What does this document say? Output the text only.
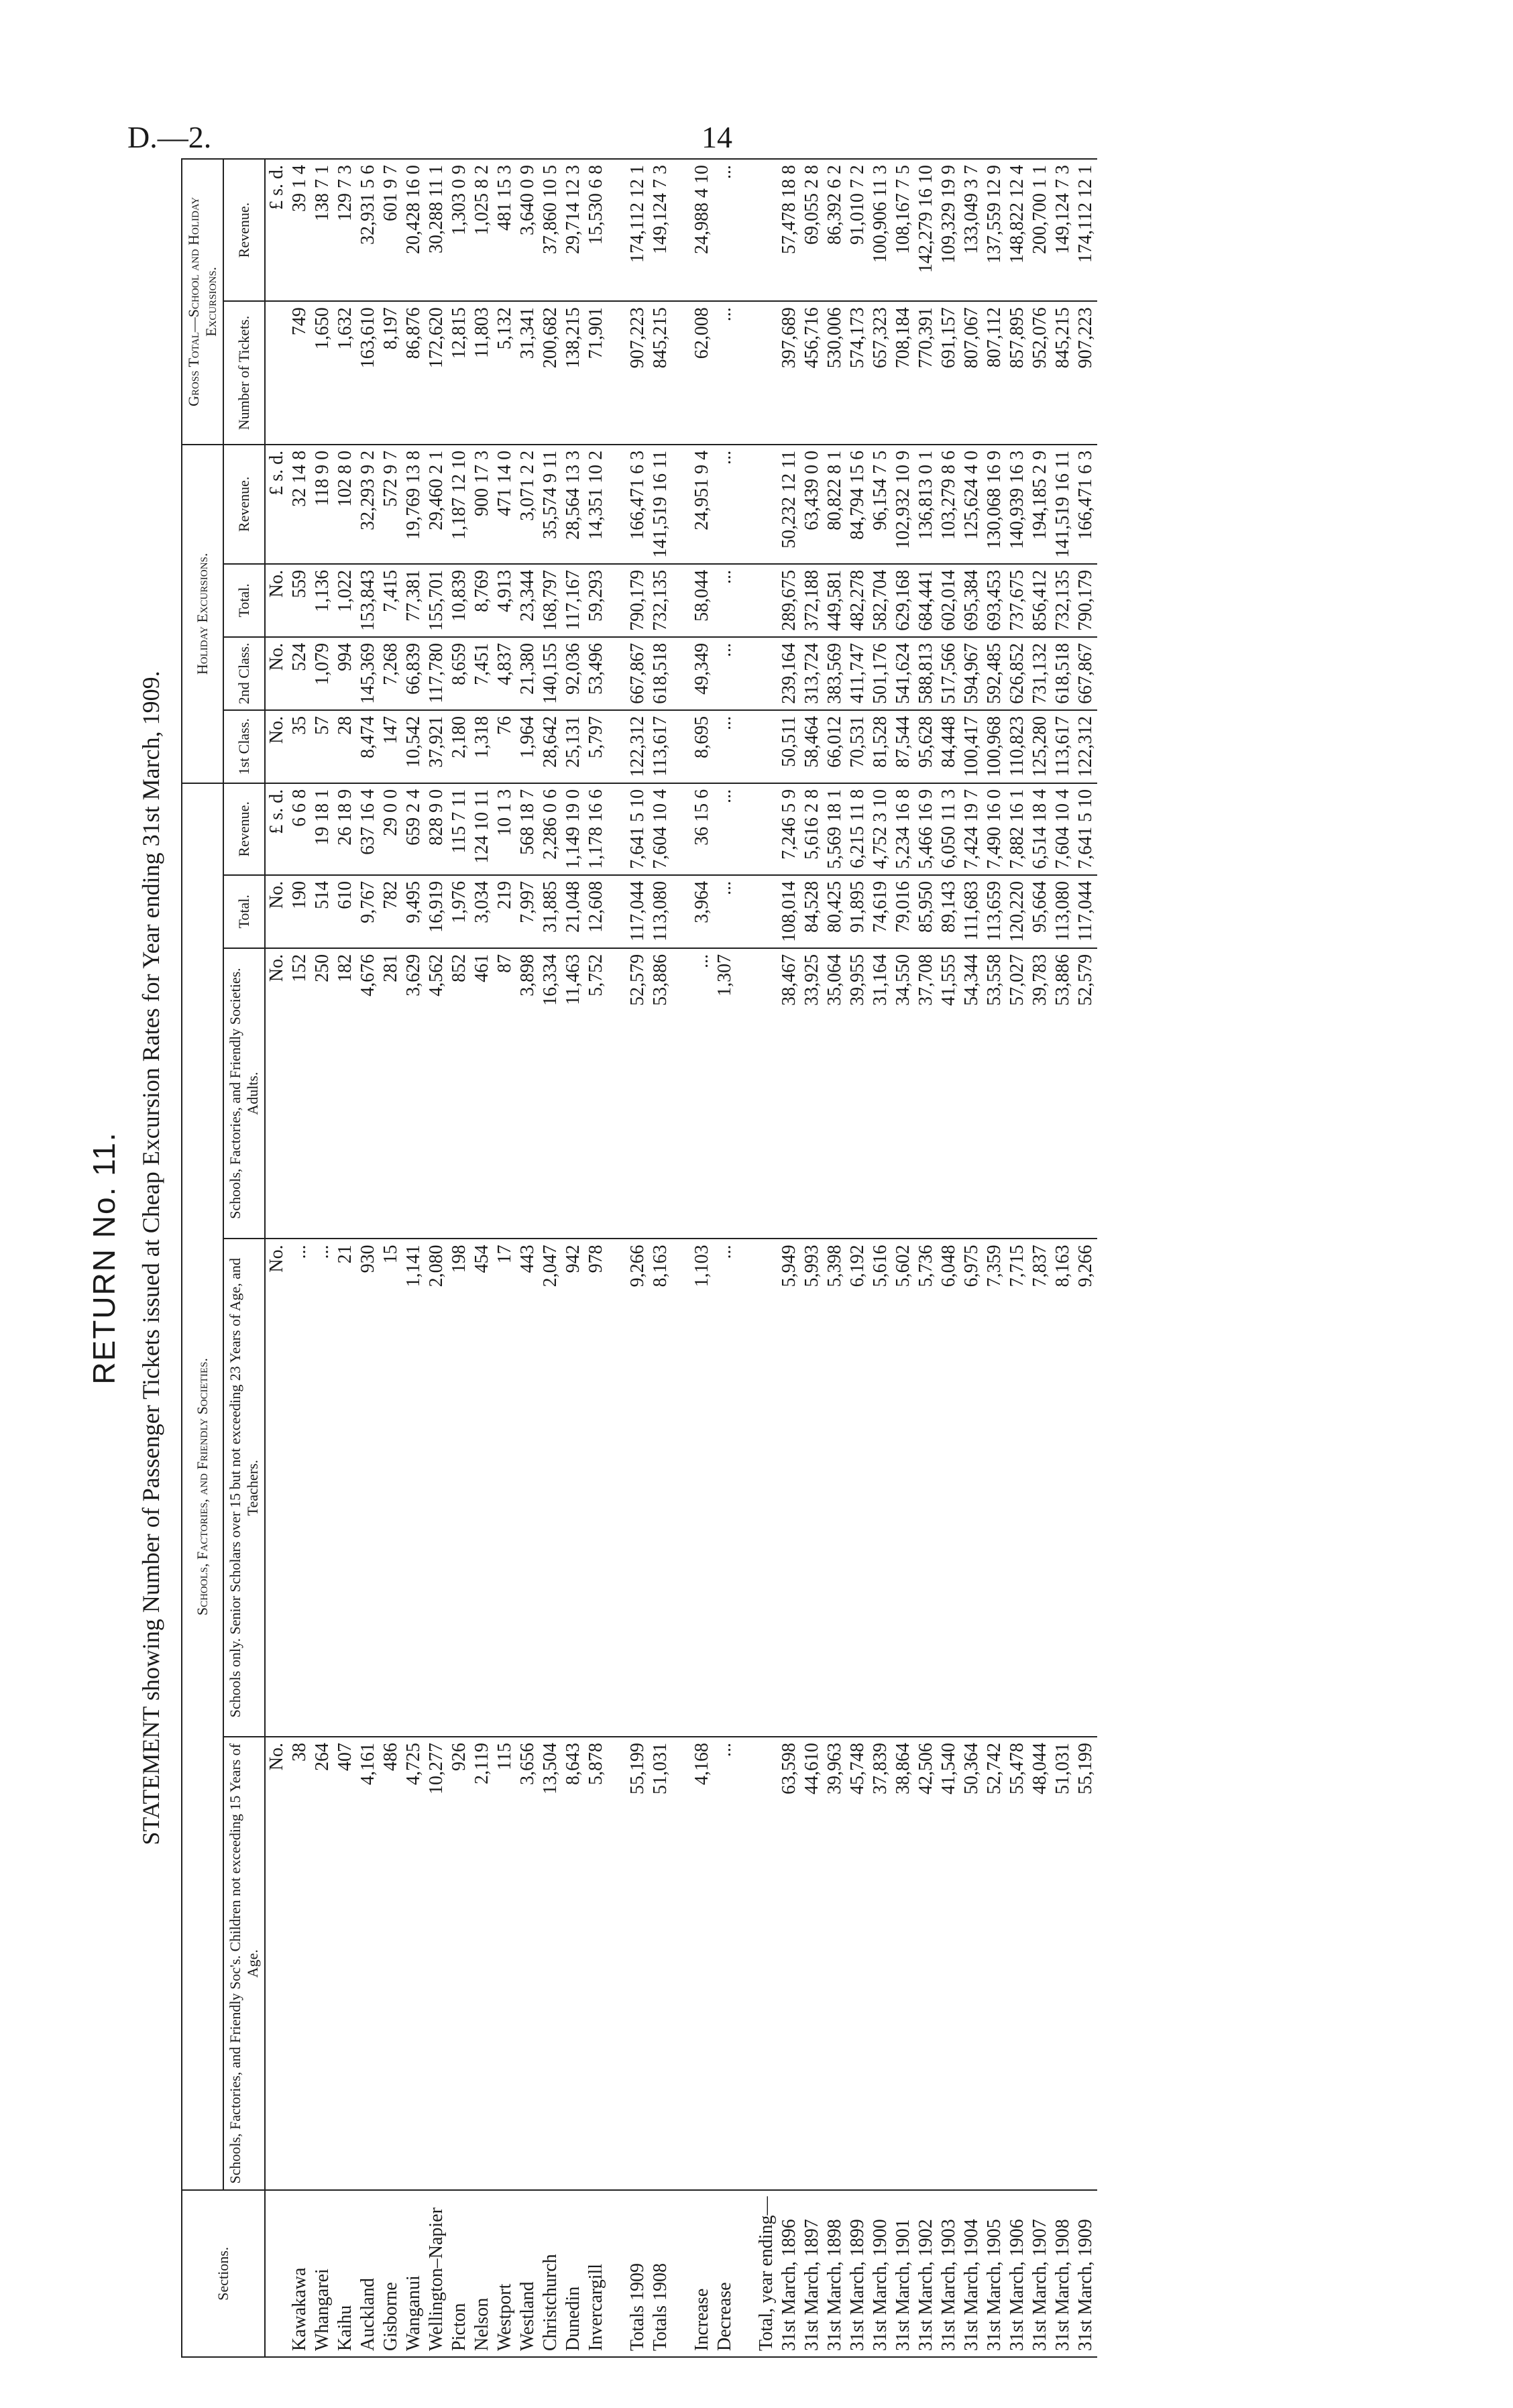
D.—2.	14
RETURN No. 11. STATEMENT showing Number of Passenger Tickets issued at Cheap Excursion Rates for Year ending 31st March, 1909.
Sections.	Schools, Factories, and Friendly Societies.					Holiday Excursions.				Gross Total—School and Holiday Excursions.	
	Schools, Factories, and Friendly Soc's. Children not exceeding 15 Years of Age.	Schools only. Senior Scholars over 15 but not exceeding 23 Years of Age, and Teachers.	Schools, Factories, and Friendly Societies. Adults.	Total.	Revenue.	1st Class.	2nd Class.	Total.	Revenue.	Number of Tickets.	Revenue.
	No.	No.	No.	No.	£ s. d.	No.	No.	No.	£ s. d.		£ s. d.
Kawakawa	38	...	152	190	6 6 8	35	524	559	32 14 8	749	39 1 4
Whangarei	264	...	250	514	19 18 1	57	1,079	1,136	118 9 0	1,650	138 7 1
Kaihu	407	21	182	610	26 18 9	28	994	1,022	102 8 0	1,632	129 7 3
Auckland	4,161	930	4,676	9,767	637 16 4	8,474	145,369	153,843	32,293 9 2	163,610	32,931 5 6
Gisborne	486	15	281	782	29 0 0	147	7,268	7,415	572 9 7	8,197	601 9 7
Wanganui	4,725	1,141	3,629	9,495	659 2 4	10,542	66,839	77,381	19,769 13 8	86,876	20,428 16 0
Wellington–Napier	10,277	2,080	4,562	16,919	828 9 0	37,921	117,780	155,701	29,460 2 1	172,620	30,288 11 1
Picton	926	198	852	1,976	115 7 11	2,180	8,659	10,839	1,187 12 10	12,815	1,303 0 9
Nelson	2,119	454	461	3,034	124 10 11	1,318	7,451	8,769	900 17 3	11,803	1,025 8 2
Westport	115	17	87	219	10 1 3	76	4,837	4,913	471 14 0	5,132	481 15 3
Westland	3,656	443	3,898	7,997	568 18 7	1,964	21,380	23,344	3,071 2 2	31,341	3,640 0 9
Christchurch	13,504	2,047	16,334	31,885	2,286 0 6	28,642	140,155	168,797	35,574 9 11	200,682	37,860 10 5
Dunedin	8,643	942	11,463	21,048	1,149 19 0	25,131	92,036	117,167	28,564 13 3	138,215	29,714 12 3
Invercargill	5,878	978	5,752	12,608	1,178 16 6	5,797	53,496	59,293	14,351 10 2	71,901	15,530 6 8

Totals 1909	55,199	9,266	52,579	117,044	7,641 5 10	122,312	667,867	790,179	166,471 6 3	907,223	174,112 12 1
Totals 1908	51,031	8,163	53,886	113,080	7,604 10 4	113,617	618,518	732,135	141,519 16 11	845,215	149,124 7 3

Increase	4,168	1,103	...	3,964	36 15 6	8,695	49,349	58,044	24,951 9 4	62,008	24,988 4 10
Decrease	...	...	1,307	...	...	...	...	...	...	...	...

Total, year ending—											
31st March, 1896	63,598	5,949	38,467	108,014	7,246 5 9	50,511	239,164	289,675	50,232 12 11	397,689	57,478 18 8
31st March, 1897	44,610	5,993	33,925	84,528	5,616 2 8	58,464	313,724	372,188	63,439 0 0	456,716	69,055 2 8
31st March, 1898	39,963	5,398	35,064	80,425	5,569 18 1	66,012	383,569	449,581	80,822 8 1	530,006	86,392 6 2
31st March, 1899	45,748	6,192	39,955	91,895	6,215 11 8	70,531	411,747	482,278	84,794 15 6	574,173	91,010 7 2
31st March, 1900	37,839	5,616	31,164	74,619	4,752 3 10	81,528	501,176	582,704	96,154 7 5	657,323	100,906 11 3
31st March, 1901	38,864	5,602	34,550	79,016	5,234 16 8	87,544	541,624	629,168	102,932 10 9	708,184	108,167 7 5
31st March, 1902	42,506	5,736	37,708	85,950	5,466 16 9	95,628	588,813	684,441	136,813 0 1	770,391	142,279 16 10
31st March, 1903	41,540	6,048	41,555	89,143	6,050 11 3	84,448	517,566	602,014	103,279 8 6	691,157	109,329 19 9
31st March, 1904	50,364	6,975	54,344	111,683	7,424 19 7	100,417	594,967	695,384	125,624 4 0	807,067	133,049 3 7
31st March, 1905	52,742	7,359	53,558	113,659	7,490 16 0	100,968	592,485	693,453	130,068 16 9	807,112	137,559 12 9
31st March, 1906	55,478	7,715	57,027	120,220	7,882 16 1	110,823	626,852	737,675	140,939 16 3	857,895	148,822 12 4
31st March, 1907	48,044	7,837	39,783	95,664	6,514 18 4	125,280	731,132	856,412	194,185 2 9	952,076	200,700 1 1
31st March, 1908	51,031	8,163	53,886	113,080	7,604 10 4	113,617	618,518	732,135	141,519 16 11	845,215	149,124 7 3
31st March, 1909	55,199	9,266	52,579	117,044	7,641 5 10	122,312	667,867	790,179	166,471 6 3	907,223	174,112 12 1
